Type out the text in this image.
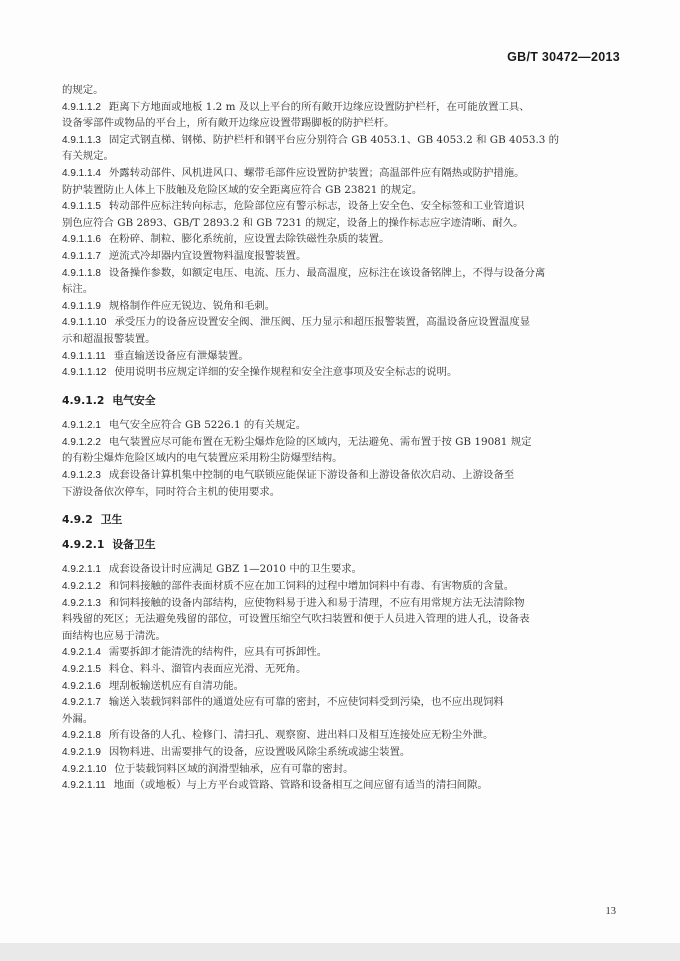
GB/T 30472—2013
的规定。
4.9.1.1.2 距离下方地面或地板 1.2 m 及以上平台的所有敞开边缘应设置防护栏杆，在可能放置工具、
设备零部件或物品的平台上，所有敞开边缘应设置带踢脚板的防护栏杆。
4.9.1.1.3 固定式钢直梯、钢梯、防护栏杆和钢平台应分别符合 GB 4053.1、GB 4053.2 和 GB 4053.3 的
有关规定。
4.9.1.1.4 外露转动部件、风机进风口、螺带毛部件应设置防护装置；高温部件应有隔热或防护措施。
防护装置防止人体上下肢触及危险区域的安全距离应符合 GB 23821 的规定。
4.9.1.1.5 转动部件应标注转向标志，危险部位应有警示标志，设备上安全色、安全标签和工业管道识
别色应符合 GB 2893、GB/T 2893.2 和 GB 7231 的规定，设备上的操作标志应字迹清晰、耐久。
4.9.1.1.6 在粉碎、制粒、膨化系统前，应设置去除铁磁性杂质的装置。
4.9.1.1.7 逆流式冷却器内宜设置物料温度报警装置。
4.9.1.1.8 设备操作参数，如额定电压、电流、压力、最高温度，应标注在该设备铭牌上，不得与设备分离
标注。
4.9.1.1.9 规格制作件应无锐边、锐角和毛刺。
4.9.1.1.10 承受压力的设备应设置安全阀、泄压阀、压力显示和超压报警装置，高温设备应设置温度显
示和超温报警装置。
4.9.1.1.11 垂直输送设备应有泄爆装置。
4.9.1.1.12 使用说明书应规定详细的安全操作规程和安全注意事项及安全标志的说明。
4.9.1.2 电气安全
4.9.1.2.1 电气安全应符合 GB 5226.1 的有关规定。
4.9.1.2.2 电气装置应尽可能布置在无粉尘爆炸危险的区域内，无法避免、需布置于按 GB 19081 规定
的有粉尘爆炸危险区域内的电气装置应采用粉尘防爆型结构。
4.9.1.2.3 成套设备计算机集中控制的电气联锁应能保证下游设备和上游设备依次启动、上游设备至
下游设备依次停车，同时符合主机的使用要求。
4.9.2 卫生
4.9.2.1 设备卫生
4.9.2.1.1 成套设备设计时应满足 GBZ 1—2010 中的卫生要求。
4.9.2.1.2 和饲料接触的部件表面材质不应在加工饲料的过程中增加饲料中有毒、有害物质的含量。
4.9.2.1.3 和饲料接触的设备内部结构，应使物料易于进入和易于清理，不应有用常规方法无法清除物
料残留的死区；无法避免残留的部位，可设置压缩空气吹扫装置和便于人员进入管理的进人孔，设备表
面结构也应易于清洗。
4.9.2.1.4 需要拆卸才能清洗的结构件，应具有可拆卸性。
4.9.2.1.5 料仓、料斗、溜管内表面应光滑、无死角。
4.9.2.1.6 埋刮板输送机应有自清功能。
4.9.2.1.7 输送入装载饲料部件的通道处应有可靠的密封，不应使饲料受到污染，也不应出现饲料
外漏。
4.9.2.1.8 所有设备的人孔、检修门、清扫孔、观察窗、进出料口及相互连接处应无粉尘外泄。
4.9.2.1.9 因物料进、出需要排气的设备，应设置吸风除尘系统或滤尘装置。
4.9.2.1.10 位于装载饲料区域的润滑型轴承，应有可靠的密封。
4.9.2.1.11 地面（或地板）与上方平台或管路、管路和设备相互之间应留有适当的清扫间隙。
13
